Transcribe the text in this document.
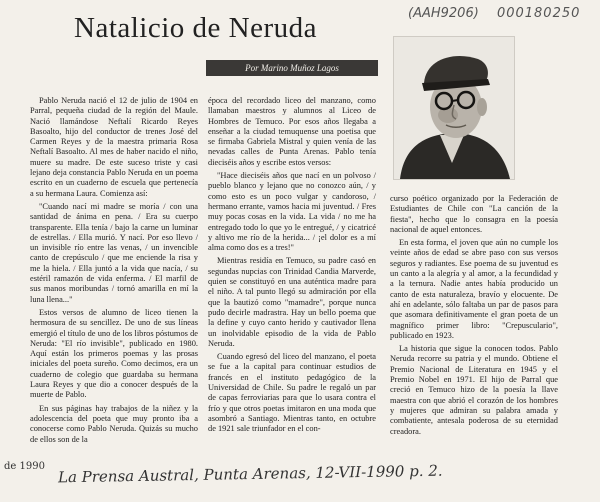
Natalicio de Neruda	(AAH9206) 000180250
Por Marino Muñoz Lagos

Pablo Neruda nació el 12 de julio de 1904 en Parral, pequeña ciudad de la región del Maule. Nació llamándose Neftalí Ricardo Reyes Basoalto, hijo del conductor de trenes José del Carmen Reyes y de la maestra primaria Rosa Neftalí Basoalto. Al mes de haber nacido el niño, muere su madre. De este suceso triste y casi lejano deja constancia Pablo Neruda en un poema escrito en un cuaderno de escuela que pertenecía a su hermana Laura. Comienza así:

"Cuando nací mi madre se moría / con una santidad de ánima en pena. / Era su cuerpo transparente. Ella tenía / bajo la carne un luminar de estrellas. / Ella murió. Y nací. Por eso llevo / un invisible río entre las venas, / un invencible canto de crepúsculo / que me enciende la risa y me la hiela. / Ella juntó a la vida que nacía, / su estéril ramazón de vida enferma. / El marfil de sus manos moribundas / tornó amarilla en mí la luna llena..."

Estos versos de alumno de liceo tienen la hermosura de su sencillez. De uno de sus líneas emergió el título de uno de los libros póstumos de Neruda: "El río invisible", publicado en 1980. Aquí están los primeros poemas y las prosas iniciales del poeta sureño. Como decimos, era un cuaderno de colegio que guardaba su hermana Laura Reyes y que dio a conocer después de la muerte de Pablo.

En sus páginas hay trabajos de la niñez y la adolescencia del poeta que muy pronto iba a conocerse como Pablo Neruda. Quizás su mucho de ellos son de la

época del recordado liceo del manzano, como llamaban maestros y alumnos al Liceo de Hombres de Temuco. Por esos años llegaba a enseñar a la ciudad temuquense una poetisa que se firmaba Gabriela Mistral y quien venía de las nevadas calles de Punta Arenas. Pablo tenía dieciséis años y escribe estos versos:

"Hace dieciséis años que nací en un polvoso / pueblo blanco y lejano que no conozco aún, / y como esto es un poco vulgar y candoroso, / hermano errante, vamos hacia mi juventud. / Fres muy pocas cosas en la vida. La vida / no me ha entregado todo lo que yo le entregué, / y cicatricé y altivo me río de la herida... / ¡el dolor es a mí alma como dos es a tres!"

Mientras residía en Temuco, su padre casó en segundas nupcias con Trinidad Candia Marverde, quien se constituyó en una auténtica madre para el niño. A tal punto llegó su admiración por ella que la bautizó como "mamadre", porque nunca pudo decirle madrastra. Hay un bello poema que la define y cuyo canto herido y cautivador llena un inolvidable episodio de la vida de Pablo Neruda.

Cuando egresó del liceo del manzano, el poeta se fue a la capital para continuar estudios de francés en el instituto pedagógico de la Universidad de Chile. Su padre le regaló un par de capas ferroviarias para que lo usara contra el frío y que otros poetas imitaron en una moda que asombró a Santiago. Mientras tanto, en octubre de 1921 sale triunfador en el con-

curso poético organizado por la Federación de Estudiantes de Chile con "La canción de la fiesta", hecho que lo consagra en la poesía nacional de aquel entonces.

En esta forma, el joven que aún no cumple los veinte años de edad se abre paso con sus versos seguros y radiantes. Ese poema de su juventud es un canto a la alegría y al amor, a la fecundidad y a la ternura. Nadie antes había producido un canto de esta naturaleza, bravío y elocuente. De ahí en adelante, sólo faltaba un par de pasos para que asomara definitivamente el gran poeta de un magnífico primer libro: "Crepusculario", publicado en 1923.

La historia que sigue la conocen todos. Pablo Neruda recorre su patria y el mundo. Obtiene el Premio Nacional de Literatura en 1945 y el Premio Nobel en 1971. El hijo de Parral que creció en Temuco hizo de la poesía la llave maestra con que abrió el corazón de los hombres y mujeres que admiran su palabra amada y combatiente, antesala poderosa de su eternidad creadora.

de 1990 La Prensa Austral, Punta Arenas, 12-VII-1990 p. 2.
